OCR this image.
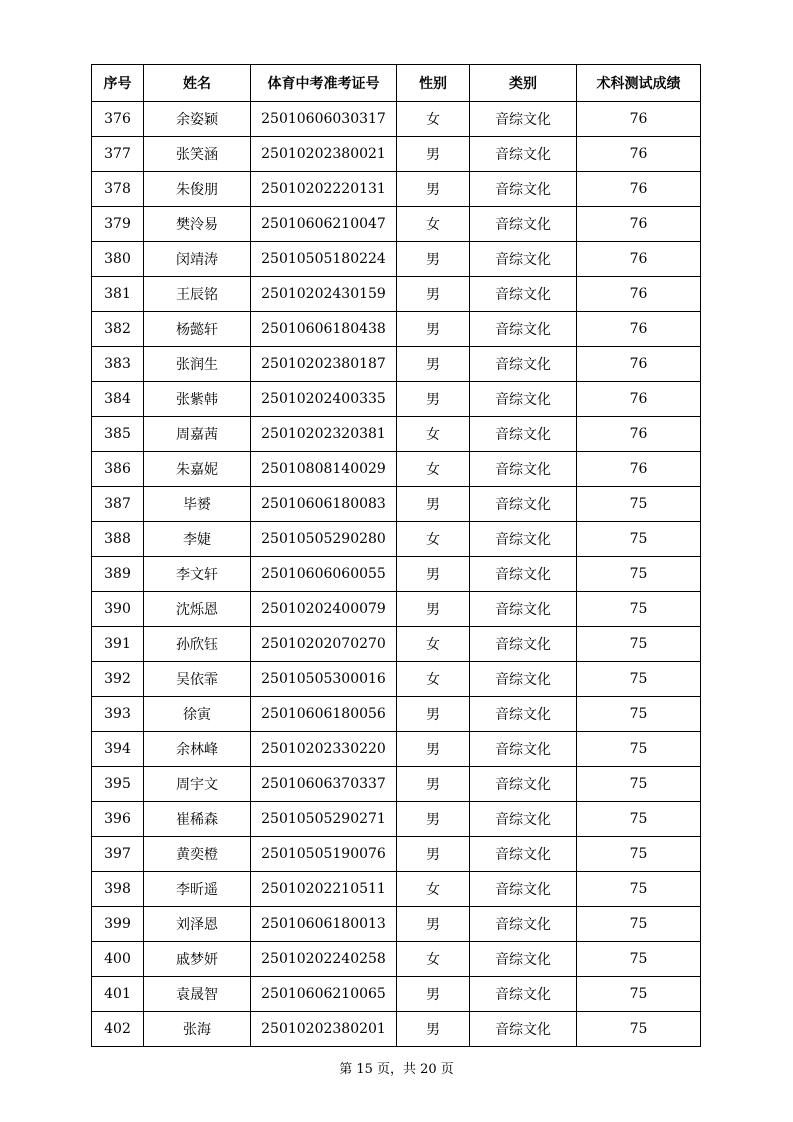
序号	姓名	体育中考准考证号	性别	类别	术科测试成绩
376	余姿颖	25010606030317	女	音综文化	76
377	张笑涵	25010202380021	男	音综文化	76
378	朱俊朋	25010202220131	男	音综文化	76
379	樊泠易	25010606210047	女	音综文化	76
380	闵靖涛	25010505180224	男	音综文化	76
381	王辰铭	25010202430159	男	音综文化	76
382	杨懿轩	25010606180438	男	音综文化	76
383	张润生	25010202380187	男	音综文化	76
384	张紫韩	25010202400335	男	音综文化	76
385	周嘉茜	25010202320381	女	音综文化	76
386	朱嘉妮	25010808140029	女	音综文化	76
387	毕赟	25010606180083	男	音综文化	75
388	李婕	25010505290280	女	音综文化	75
389	李文轩	25010606060055	男	音综文化	75
390	沈烁恩	25010202400079	男	音综文化	75
391	孙欣钰	25010202070270	女	音综文化	75
392	吴依霏	25010505300016	女	音综文化	75
393	徐寅	25010606180056	男	音综文化	75
394	余林峰	25010202330220	男	音综文化	75
395	周宇文	25010606370337	男	音综文化	75
396	崔稀森	25010505290271	男	音综文化	75
397	黄奕橙	25010505190076	男	音综文化	75
398	李昕遥	25010202210511	女	音综文化	75
399	刘泽恩	25010606180013	男	音综文化	75
400	戚梦妍	25010202240258	女	音综文化	75
401	袁晟智	25010606210065	男	音综文化	75
402	张海	25010202380201	男	音综文化	75
第 15 页，共 20 页
